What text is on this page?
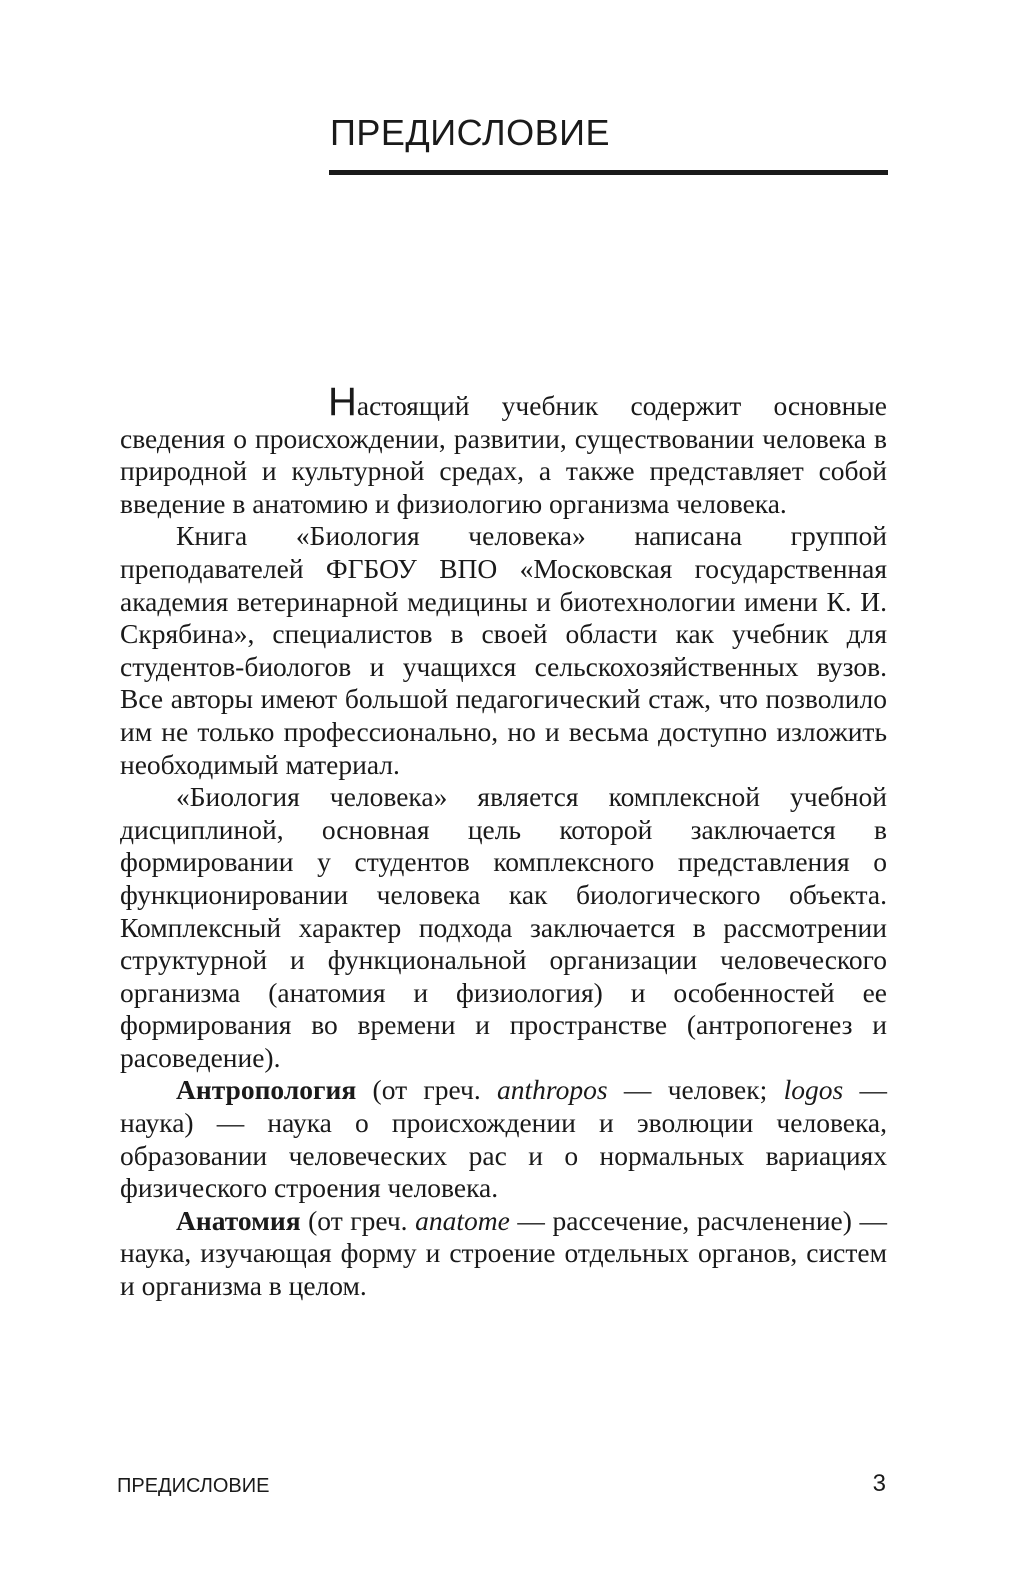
ПРЕДИСЛОВИЕ

Настоящий учебник содержит основные сведения о происхождении, развитии, существовании человека в природной и культурной средах, а также представляет собой введение в анатомию и физиологию организма человека.

Книга «Биология человека» написана группой преподавателей ФГБОУ ВПО «Московская государственная академия ветеринарной медицины и биотехнологии имени К. И. Скрябина», специалистов в своей области как учебник для студентов-биологов и учащихся сельскохозяйственных вузов. Все авторы имеют большой педагогический стаж, что позволило им не только профессионально, но и весьма доступно изложить необходимый материал.

«Биология человека» является комплексной учебной дисциплиной, основная цель которой заключается в формировании у студентов комплексного представления о функционировании человека как биологического объекта. Комплексный характер подхода заключается в рассмотрении структурной и функциональной организации человеческого организма (анатомия и физиология) и особенностей ее формирования во времени и пространстве (антропогенез и расоведение).

Антропология (от греч. anthropos — человек; logos — наука) — наука о происхождении и эволюции человека, образовании человеческих рас и о нормальных вариациях физического строения человека.

Анатомия (от греч. anatome — рассечение, расчленение) — наука, изучающая форму и строение отдельных органов, систем и организма в целом.

ПРЕДИСЛОВИЕ	3
